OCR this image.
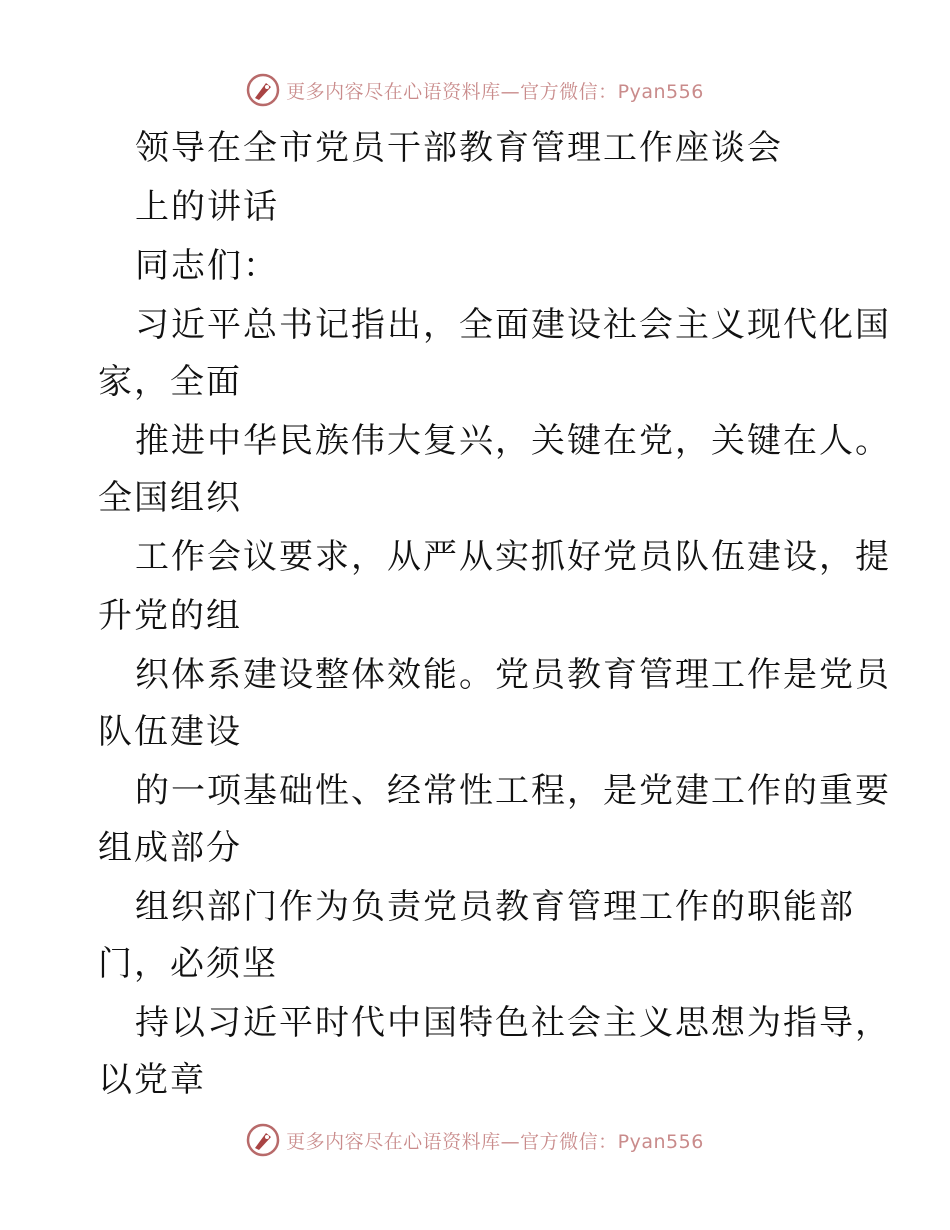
更多内容尽在心语资料库—官方微信：Pyan556
领导在全市党员干部教育管理工作座谈会
上的讲话
同志们：
习近平总书记指出，全面建设社会主义现代化国
家，全面
推进中华民族伟大复兴，关键在党，关键在人。
全国组织
工作会议要求，从严从实抓好党员队伍建设，提
升党的组
织体系建设整体效能。党员教育管理工作是党员
队伍建设
的一项基础性、经常性工程，是党建工作的重要
组成部分
组织部门作为负责党员教育管理工作的职能部
门，必须坚
持以习近平时代中国特色社会主义思想为指导，
以党章
更多内容尽在心语资料库—官方微信：Pyan556
